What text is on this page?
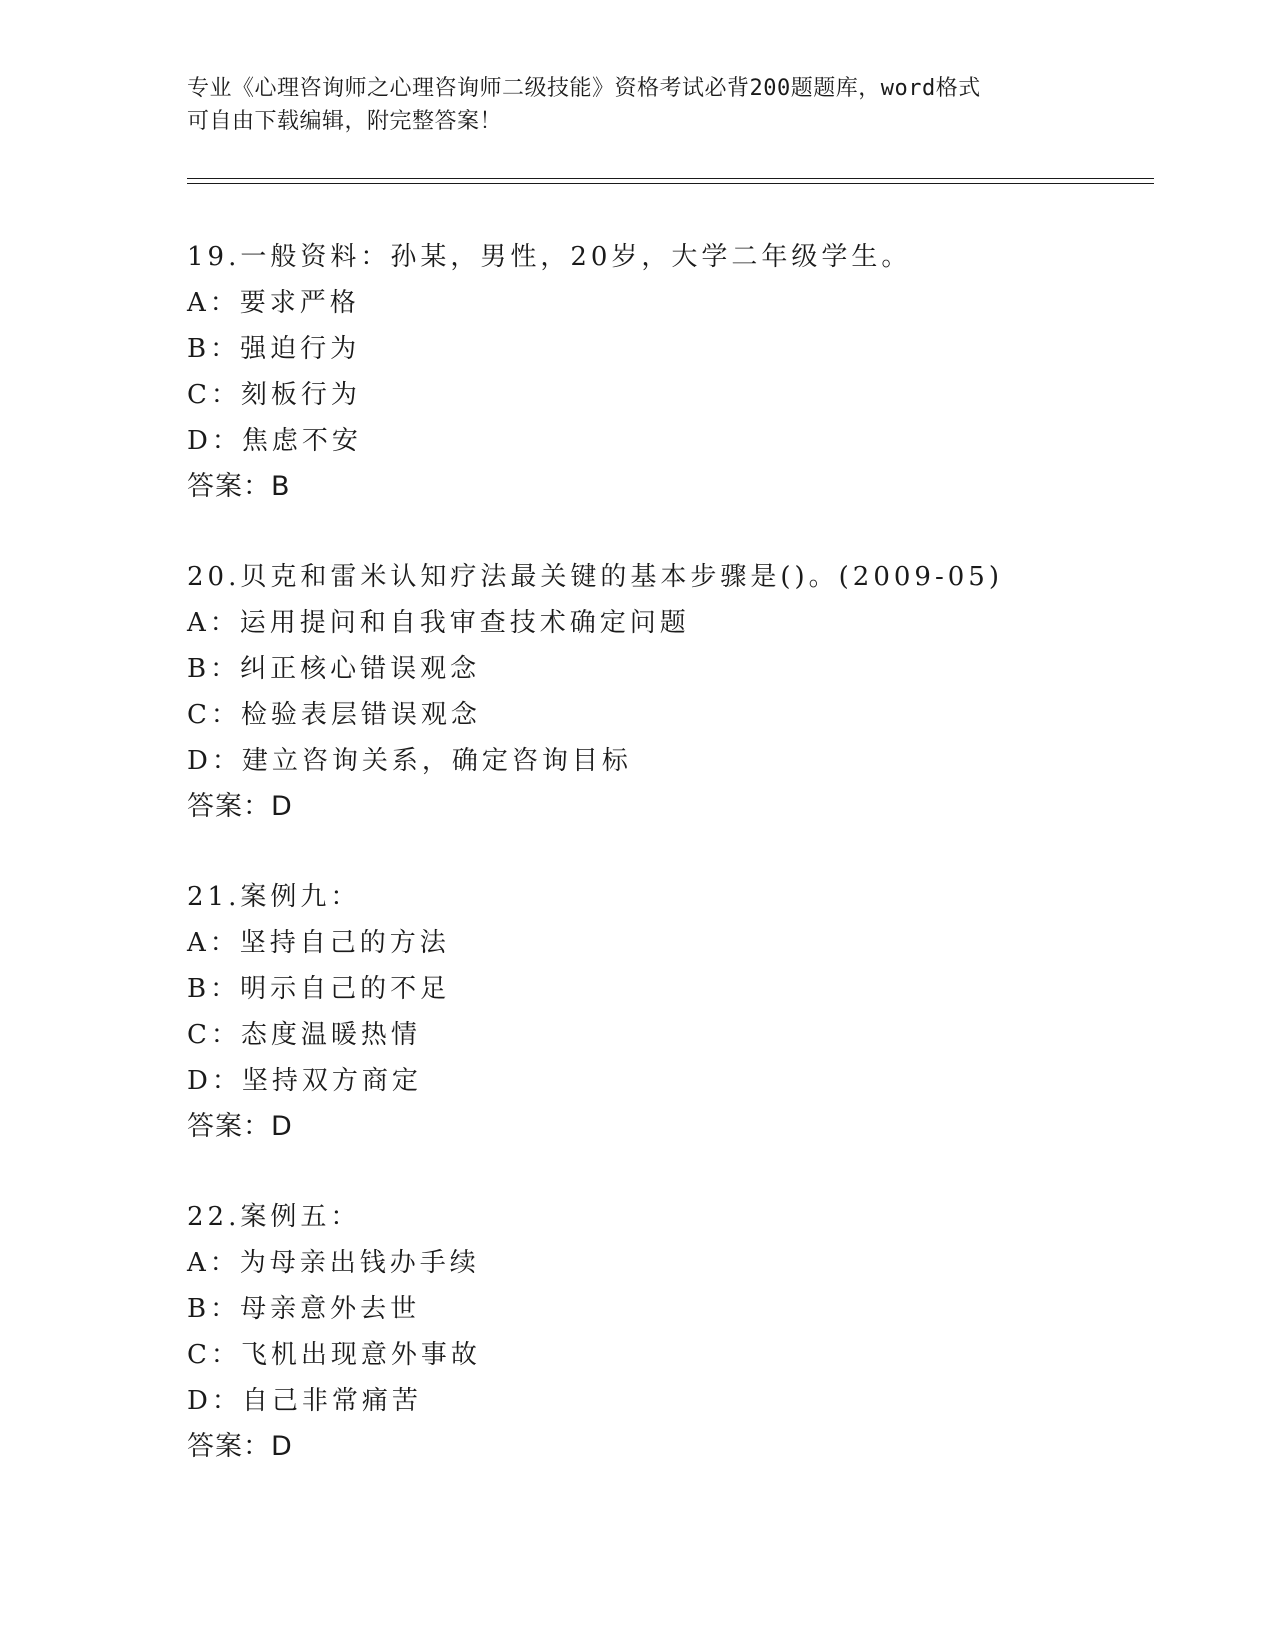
专业《心理咨询师之心理咨询师二级技能》资格考试必背200题题库，word格式
可自由下载编辑，附完整答案！
19.一般资料：孙某，男性，20岁，大学二年级学生。
A：要求严格
B：强迫行为
C：刻板行为
D：焦虑不安
答案：B
20.贝克和雷米认知疗法最关键的基本步骤是()。(2009-05)
A：运用提问和自我审查技术确定问题
B：纠正核心错误观念
C：检验表层错误观念
D：建立咨询关系，确定咨询目标
答案：D
21.案例九：
A：坚持自己的方法
B：明示自己的不足
C：态度温暖热情
D：坚持双方商定
答案：D
22.案例五：
A：为母亲出钱办手续
B：母亲意外去世
C：飞机出现意外事故
D：自己非常痛苦
答案：D
